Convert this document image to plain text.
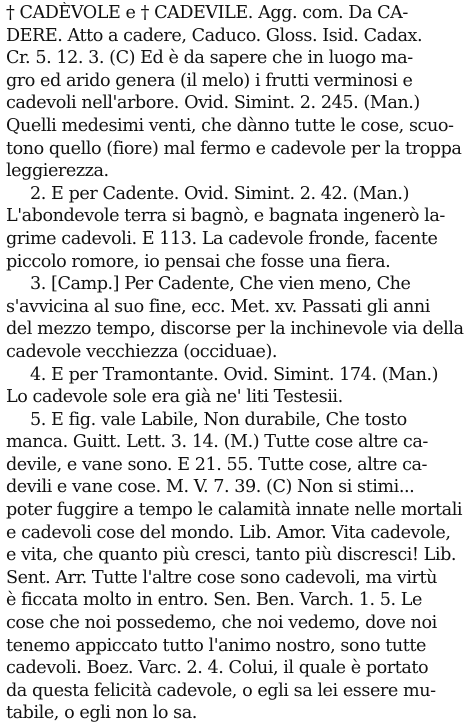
† CADÈVOLE e † CADEVILE. Agg. com. Da CA-
DERE. Atto a cadere, Caduco. Gloss. Isid. Cadax.
Cr. 5. 12. 3. (C) Ed è da sapere che in luogo ma-
gro ed arido genera (il melo) i frutti verminosi e
cadevoli nell'arbore. Ovid. Simint. 2. 245. (Man.)
Quelli medesimi venti, che dànno tutte le cose, scuo-
tono quello (fiore) mal fermo e cadevole per la troppa
leggierezza.
2. E per Cadente. Ovid. Simint. 2. 42. (Man.)
L'abondevole terra si bagnò, e bagnata ingenerò la-
grime cadevoli. E 113. La cadevole fronde, facente
piccolo romore, io pensai che fosse una fiera.
3. [Camp.] Per Cadente, Che vien meno, Che
s'avvicina al suo fine, ecc. Met. xv. Passati gli anni
del mezzo tempo, discorse per la inchinevole via della
cadevole vecchiezza (occiduae).
4. E per Tramontante. Ovid. Simint. 174. (Man.)
Lo cadevole sole era già ne' liti Testesii.
5. E fig. vale Labile, Non durabile, Che tosto
manca. Guitt. Lett. 3. 14. (M.) Tutte cose altre ca-
devile, e vane sono. E 21. 55. Tutte cose, altre ca-
devili e vane cose. M. V. 7. 39. (C) Non si stimi...
poter fuggire a tempo le calamità innate nelle mortali
e cadevoli cose del mondo. Lib. Amor. Vita cadevole,
e vita, che quanto più cresci, tanto più discresci! Lib.
Sent. Arr. Tutte l'altre cose sono cadevoli, ma virtù
è ficcata molto in entro. Sen. Ben. Varch. 1. 5. Le
cose che noi possedemo, che noi vedemo, dove noi
tenemo appiccato tutto l'animo nostro, sono tutte
cadevoli. Boez. Varc. 2. 4. Colui, il quale è portato
da questa felicità cadevole, o egli sa lei essere mu-
tabile, o egli non lo sa.
